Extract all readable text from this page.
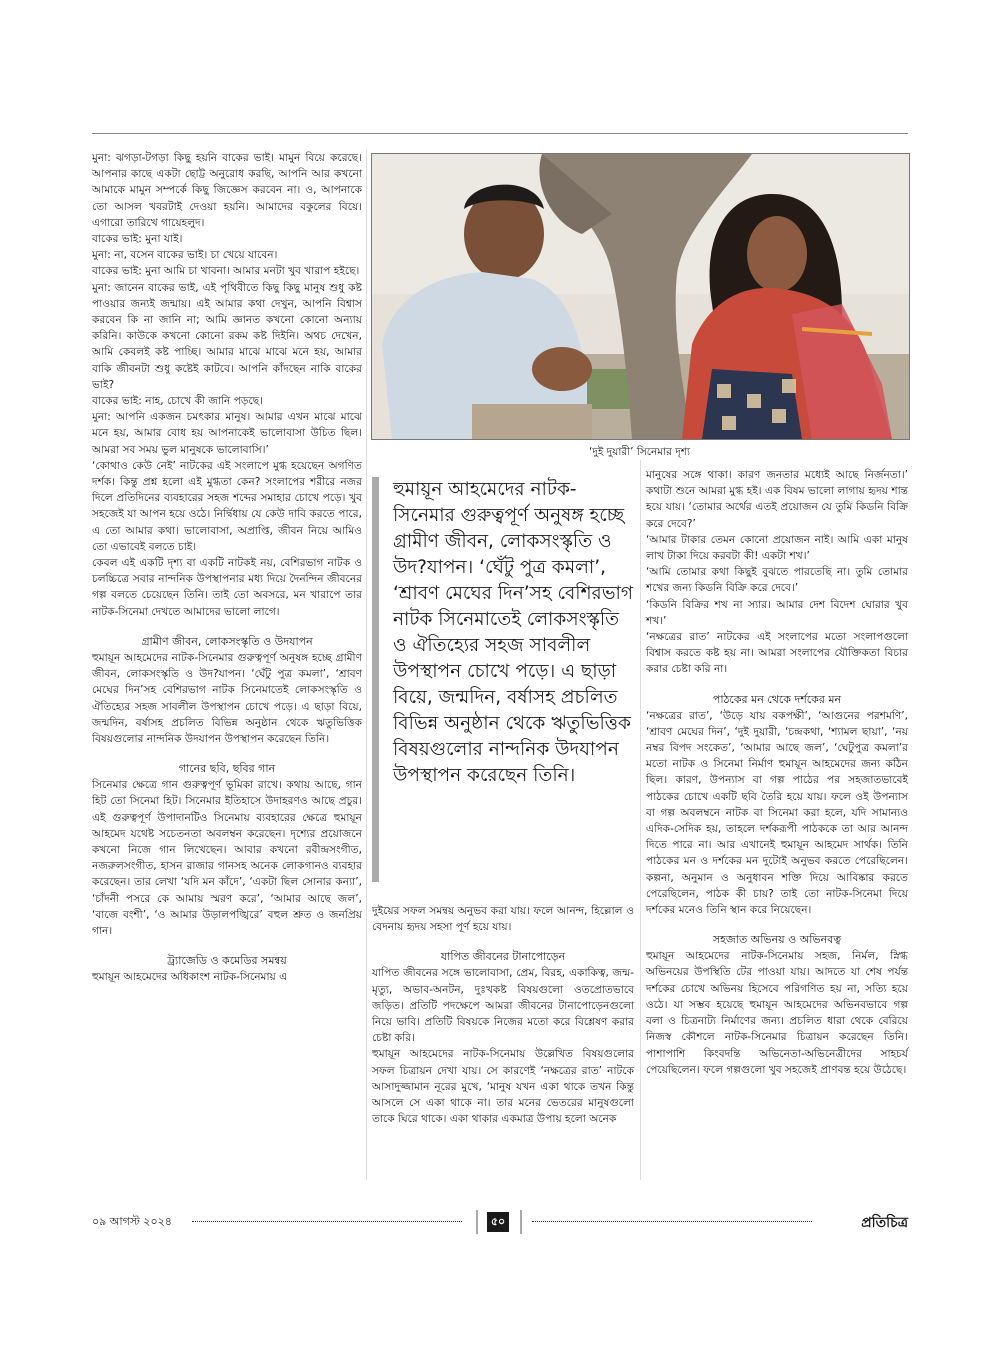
মুনা: ঝগড়া-টগড়া কিছু হয়নি বাকের ভাই। মামুন বিয়ে করেছে। আপনার কাছে একটা ছোট্ট অনুরোধ করছি, আপনি আর কখনো আমাকে মামুন সম্পর্কে কিছু জিজ্ঞেস করবেন না। ও, আপনাকে তো আসল খবরটাই দেওয়া হয়নি। আমাদের বকুলের বিয়ে। এগারো তারিখে গায়েহলুদ।

বাকের ভাই: মুনা যাই।

মুনা: না, বসেন বাকের ভাই। চা খেয়ে যাবেন।

বাকের ভাই: মুনা আমি চা খাবনা। আমার মনটা খুব খারাপ হইছে।

মুনা: জানেন বাকের ভাই, এই পৃথিবীতে কিছু কিছু মানুষ শুধু কষ্ট পাওয়ার জন্যই জন্মায়। এই আমার কথা দেখুন, আপনি বিশ্বাস করবেন কি না জানি না; আমি জ্ঞানত কখনো কোনো অন্যায় করিনি। কাউকে কখনো কোনো রকম কষ্ট দিইনি। অথচ দেখেন, আমি কেবলই কষ্ট পাচ্ছি। আমার মাঝে মাঝে মনে হয়, আমার বাকি জীবনটা শুধু কষ্টেই কাটবে। আপনি কাঁদছেন নাকি বাকের ভাই?

বাকের ভাই: নাহ, চোখে কী জানি পড়ছে।

মুনা: আপনি একজন চমৎকার মানুষ। আমার এখন মাঝে মাঝে মনে হয়, আমার বোধ হয় আপনাকেই ভালোবাসা উচিত ছিল। আমরা সব সময় ভুল মানুষকে ভালোবাসি।’

‘কোথাও কেউ নেই’ নাটকের এই সংলাপে মুগ্ধ হয়েছেন অগণিত দর্শক। কিন্তু প্রশ্ন হলো এই মুগ্ধতা কেন? সংলাপের শরীরে নজর দিলে প্রতিদিনের ব্যবহারের সহজ শব্দের সমাহার চোখে পড়ে। খুব সহজেই যা আপন হয়ে ওঠে। নির্দ্বিধায় যে কেউ দাবি করতে পারে, এ তো আমার কথা। ভালোবাসা, অপ্রাপ্তি, জীবন নিয়ে আমিও তো এভাবেই বলতে চাই।

কেবল এই একটি দৃশ্য বা একটি নাটকই নয়, বেশিরভাগ নাটক ও চলচ্চিত্রে সবার নান্দনিক উপস্থাপনার মধ্য দিয়ে দৈনন্দিন জীবনের গল্প বলতে চেয়েছেন তিনি। তাই তো অবসরে, মন খারাপে তার নাটক-সিনেমা দেখতে আমাদের ভালো লাগে।

গ্রামীণ জীবন, লোকসংস্কৃতি ও উদযাপন

হুমায়ূন আহমেদের নাটক-সিনেমার গুরুত্বপূর্ণ অনুষঙ্গ হচ্ছে গ্রামীণ জীবন, লোকসংস্কৃতি ও উদ?যাপন। ‘ঘেঁটু পুত্র কমলা’, ‘শ্রাবণ মেঘের দিন’সহ বেশিরভাগ নাটক সিনেমাতেই লোকসংস্কৃতি ও ঐতিহ্যের সহজ সাবলীল উপস্থাপন চোখে পড়ে। এ ছাড়া বিয়ে, জন্মদিন, বর্ষাসহ প্রচলিত বিভিন্ন অনুষ্ঠান থেকে ঋতুভিত্তিক বিষয়গুলোর নান্দনিক উদযাপন উপস্থাপন করেছেন তিনি।

গানের ছবি, ছবির গান

সিনেমার ক্ষেত্রে গান গুরুত্বপূর্ণ ভূমিকা রাখে। কথায় আছে, গান হিট তো সিনেমা হিট। সিনেমার ইতিহাসে উদাহরণও আছে প্রচুর। এই গুরুত্বপূর্ণ উপাদানটিও সিনেমায় ব্যবহারের ক্ষেত্রে হুমায়ূন আহমেদ যথেষ্ট সচেতনতা অবলম্বন করেছেন। দৃশ্যের প্রয়োজনে কখনো নিজে গান লিখেছেন। আবার কখনো রবীন্দ্রসংগীত, নজরুলসংগীত, হাসন রাজার গানসহ অনেক লোকগানও ব্যবহার করেছেন। তার লেখা ‘যদি মন কাঁদে’, ‘একটা ছিল সোনার কন্যা’, ‘চাঁদনী পসরে কে আমায় স্মরণ করে’, ‘আমার আছে জল’, ‘বাজে বংশী’, ‘ও আমার উড়ালপঙ্খিরে’ বহুল শ্রুত ও জনপ্রিয় গান।

ট্র্যাজেডি ও কমেডির সমন্বয়

হুমায়ূন আহমেদের অধিকাংশ নাটক-সিনেমায় এ

‘দুই দুয়ারী’ সিনেমার দৃশ্য
হুমায়ূন আহমেদের নাটক-সিনেমার গুরুত্বপূর্ণ অনুষঙ্গ হচ্ছে গ্রামীণ জীবন, লোকসংস্কৃতি ও উদ?যাপন। ‘ঘেঁটু পুত্র কমলা’, ‘শ্রাবণ মেঘের দিন’সহ বেশিরভাগ নাটক সিনেমাতেই লোকসংস্কৃতি ও ঐতিহ্যের সহজ সাবলীল উপস্থাপন চোখে পড়ে। এ ছাড়া বিয়ে, জন্মদিন, বর্ষাসহ প্রচলিত বিভিন্ন অনুষ্ঠান থেকে ঋতুভিত্তিক বিষয়গুলোর নান্দনিক উদযাপন উপস্থাপন করেছেন তিনি।

দুইয়ের সফল সমন্বয় অনুভব করা যায়। ফলে আনন্দ, হিল্লোল ও বেদনায় হৃদয় সহসা পূর্ণ হয়ে যায়।

যাপিত জীবনের টানাপোড়েন

যাপিত জীবনের সঙ্গে ভালোবাসা, প্রেম, বিরহ, একাকিত্ব, জন্ম-মৃত্যু, অভাব-অনটন, দুঃখকষ্ট বিষয়গুলো ওতপ্রোতভাবে জড়িত। প্রতিটি পদক্ষেপে আমরা জীবনের টানাপোড়েনগুলো নিয়ে ভাবি। প্রতিটি বিষয়কে নিজের মতো করে বিশ্লেষণ করার চেষ্টা করি।

হুমায়ূন আহমেদের নাটক-সিনেমায় উল্লেখিত বিষয়গুলোর সফল চিত্রায়ন দেখা যায়। সে কারণেই ‘নক্ষত্রের রাত’ নাটকে আসাদুজ্জামান নূরের মুখে, ‘মানুষ যখন একা থাকে তখন কিন্তু আসলে সে একা থাকে না। তার মনের ভেতরের মানুষগুলো তাকে ঘিরে থাকে। একা থাকার একমাত্র উপায় হলো অনেক

মানুষের সঙ্গে থাকা। কারণ জনতার মধ্যেই আছে নির্জনতা।’ কথাটা শুনে আমরা মুগ্ধ হই। এক বিষম ভালো লাগায় হৃদয় শান্ত হয়ে যায়। ‘তোমার অর্থের এতই প্রয়োজন যে তুমি কিডনি বিক্রি করে দেবে?’

‘আমার টাকার তেমন কোনো প্রয়োজন নাই। আমি একা মানুষ লাখ টাকা দিয়ে করবটা কী! একটা শখ।’

‘আমি তোমার কথা কিছুই বুঝতে পারতেছি না। তুমি তোমার শখের জন্য কিডনি বিক্রি করে দেবে।’

‘কিডনি বিক্রির শখ না স্যার। আমার দেশ বিদেশ ঘোরার খুব শখ।’

‘নক্ষত্রের রাত’ নাটকের এই সংলাপের মতো সংলাপগুলো বিশ্বাস করতে কষ্ট হয় না। আমরা সংলাপের যৌক্তিকতা বিচার করার চেষ্টা করি না।

পাঠকের মন থেকে দর্শকের মন

‘নক্ষত্রের রাত’, ‘উড়ে যায় বকপক্ষী’, ‘আগুনের পরশমণি’, ‘শ্রাবণ মেঘের দিন’, ‘দুই দুয়ারী, ‘চন্দ্রকথা, ‘শ্যামল ছায়া’, ‘নয় নম্বর বিপদ সংকেত’, ‘আমার আছে জল’, ‘ঘেটুপুত্র কমলা’র মতো নাটক ও সিনেমা নির্মাণ হুমায়ূন আহমেদের জন্য কঠিন ছিল। কারণ, উপন্যাস বা গল্প পাঠের পর সহজাতভাবেই পাঠকের চোখে একটি ছবি তৈরি হয়ে যায়। ফলে ওই উপন্যাস বা গল্প অবলম্বনে নাটক বা সিনেমা করা হলে, যদি সামান্যও এদিক-সেদিক হয়, তাহলে দর্শকরূপী পাঠককে তা আর আনন্দ দিতে পারে না। আর এখানেই হুমায়ূন আহমেদ সার্থক। তিনি পাঠকের মন ও দর্শকের মন দুটোই অনুভব করতে পেরেছিলেন। কল্পনা, অনুমান ও অনুধাবন শক্তি দিয়ে আবিষ্কার করতে পেরেছিলেন, পাঠক কী চায়? তাই তো নাটক-সিনেমা দিয়ে দর্শকের মনেও তিনি স্থান করে নিয়েছেন।

সহজাত অভিনয় ও অভিনবত্ব

হুমায়ূন আহমেদের নাটক-সিনেমায় সহজ, নির্মল, স্নিগ্ধ অভিনয়ের উপস্থিতি টের পাওয়া যায়। আদতে যা শেষ পর্যন্ত দর্শকের চোখে অভিনয় হিসেবে পরিগণিত হয় না, সত্যি হয়ে ওঠে। যা সম্ভব হয়েছে হুমায়ূন আহমেদের অভিনবভাবে গল্প বলা ও চিত্রনাট্য নির্মাণের জন্য। প্রচলিত ধারা থেকে বেরিয়ে নিজস্ব কৌশলে নাটক-সিনেমার চিত্রায়ন করেছেন তিনি। পাশাপাশি কিংবদন্তি অভিনেতা-অভিনেত্রীদের সাহচর্য পেয়েছিলেন। ফলে গল্পগুলো খুব সহজেই প্রাণবন্ত হয়ে উঠেছে।

০৯ আগস্ট ২০২৪	৫০	প্রতিচিত্র
